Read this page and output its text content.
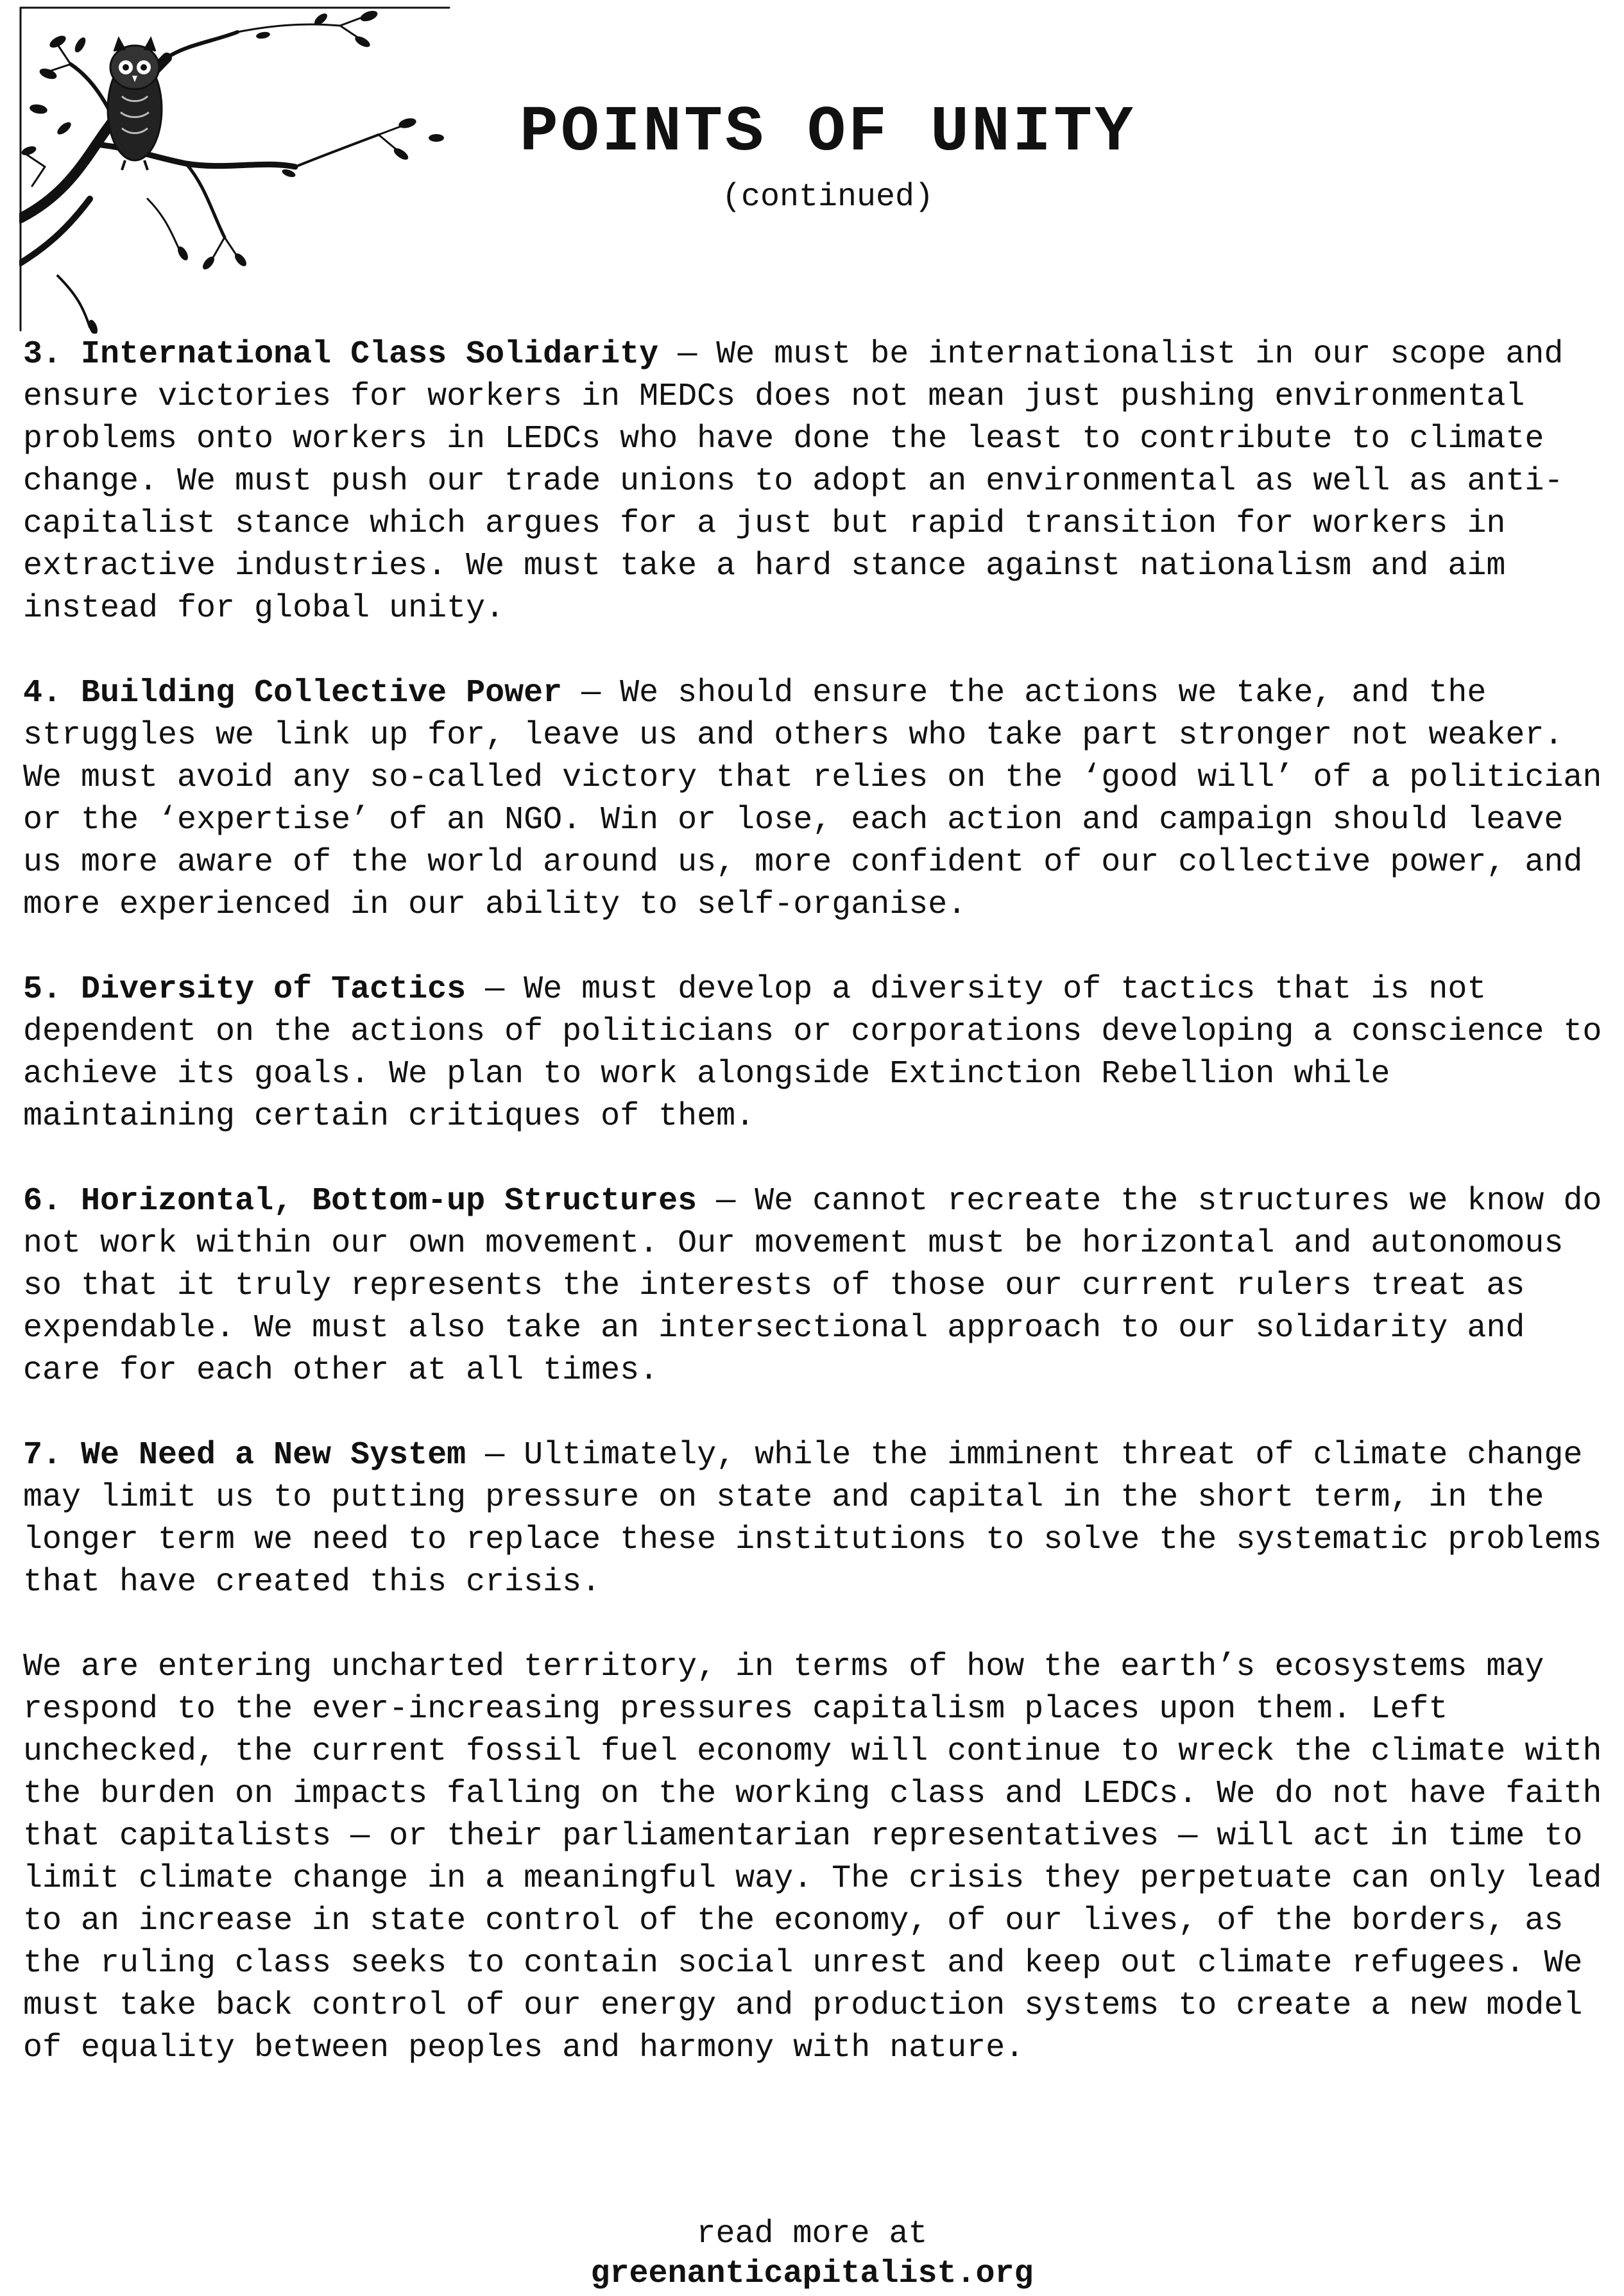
POINTS OF UNITY

(continued)

3. International Class Solidarity — We must be internationalist in our scope and ensure victories for workers in MEDCs does not mean just pushing environmental problems onto workers in LEDCs who have done the least to contribute to climate change. We must push our trade unions to adopt an environmental as well as anti-capitalist stance which argues for a just but rapid transition for workers in extractive industries. We must take a hard stance against nationalism and aim instead for global unity.

4. Building Collective Power — We should ensure the actions we take, and the struggles we link up for, leave us and others who take part stronger not weaker. We must avoid any so-called victory that relies on the ‘good will’ of a politician or the ‘expertise’ of an NGO. Win or lose, each action and campaign should leave us more aware of the world around us, more confident of our collective power, and more experienced in our ability to self-organise.

5. Diversity of Tactics — We must develop a diversity of tactics that is not dependent on the actions of politicians or corporations developing a conscience to achieve its goals. We plan to work alongside Extinction Rebellion while maintaining certain critiques of them.

6. Horizontal, Bottom-up Structures — We cannot recreate the structures we know do not work within our own movement. Our movement must be horizontal and autonomous so that it truly represents the interests of those our current rulers treat as expendable. We must also take an intersectional approach to our solidarity and care for each other at all times.

7. We Need a New System — Ultimately, while the imminent threat of climate change may limit us to putting pressure on state and capital in the short term, in the longer term we need to replace these institutions to solve the systematic problems that have created this crisis.

We are entering uncharted territory, in terms of how the earth’s ecosystems may respond to the ever-increasing pressures capitalism places upon them. Left unchecked, the current fossil fuel economy will continue to wreck the climate with the burden on impacts falling on the working class and LEDCs. We do not have faith that capitalists — or their parliamentarian representatives — will act in time to limit climate change in a meaningful way. The crisis they perpetuate can only lead to an increase in state control of the economy, of our lives, of the borders, as the ruling class seeks to contain social unrest and keep out climate refugees. We must take back control of our energy and production systems to create a new model of equality between peoples and harmony with nature.

read more at
greenanticapitalist.org
